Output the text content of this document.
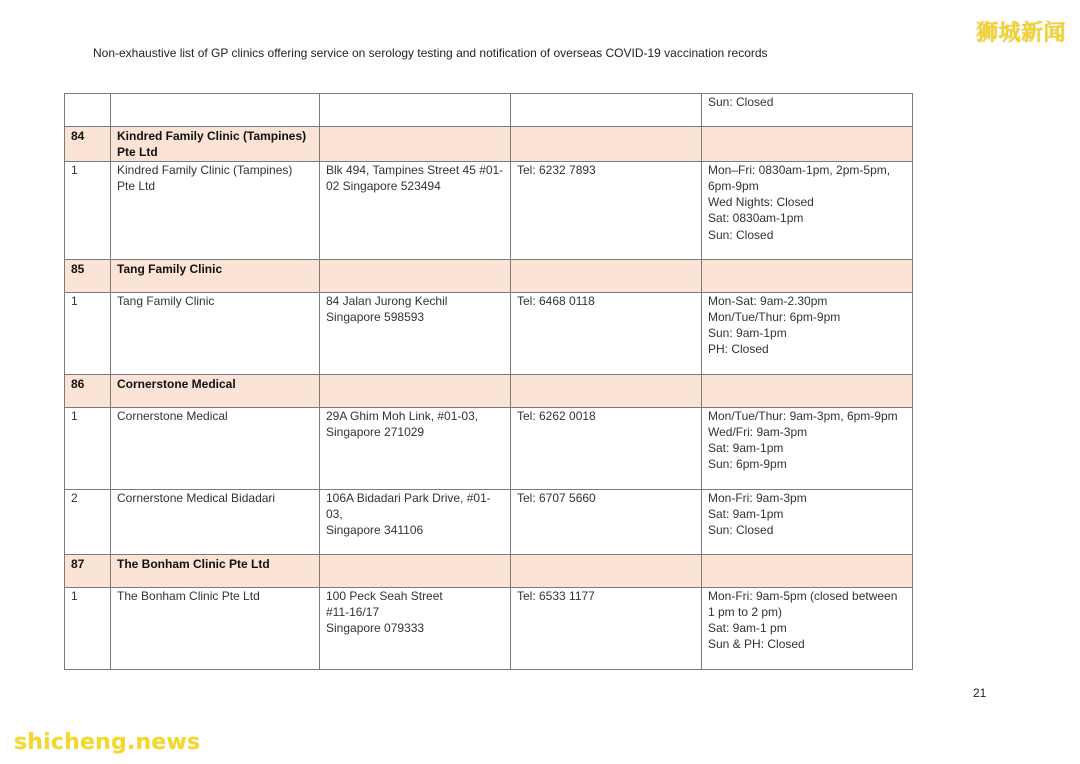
Non-exhaustive list of GP clinics offering service on serology testing and notification of overseas COVID-19 vaccination records
狮城新闻

				Sun: Closed

84	Kindred Family Clinic (Tampines) Pte Ltd			

1	Kindred Family Clinic (Tampines) Pte Ltd	Blk 494, Tampines Street 45 #01-02 Singapore 523494	Tel: 6232 7893	Mon–Fri: 0830am-1pm, 2pm-5pm, 6pm-9pm
Wed Nights: Closed
Sat: 0830am-1pm
Sun: Closed

85	Tang Family Clinic			

1	Tang Family Clinic	84 Jalan Jurong Kechil
Singapore 598593	Tel: 6468 0118	Mon-Sat: 9am-2.30pm
Mon/Tue/Thur: 6pm-9pm
Sun: 9am-1pm
PH: Closed

86	Cornerstone Medical			

1	Cornerstone Medical	29A Ghim Moh Link, #01-03,
Singapore 271029	Tel: 6262 0018	Mon/Tue/Thur: 9am-3pm, 6pm-9pm
Wed/Fri: 9am-3pm
Sat: 9am-1pm
Sun: 6pm-9pm

2	Cornerstone Medical Bidadari	106A Bidadari Park Drive, #01-03,
Singapore 341106	Tel: 6707 5660	Mon-Fri: 9am-3pm
Sat: 9am-1pm
Sun: Closed

87	The Bonham Clinic Pte Ltd			

1	The Bonham Clinic Pte Ltd	100 Peck Seah Street
#11-16/17
Singapore 079333	Tel: 6533 1177	Mon-Fri: 9am-5pm (closed between 1 pm to 2 pm)
Sat: 9am-1 pm
Sun & PH: Closed
21
shicheng.news
